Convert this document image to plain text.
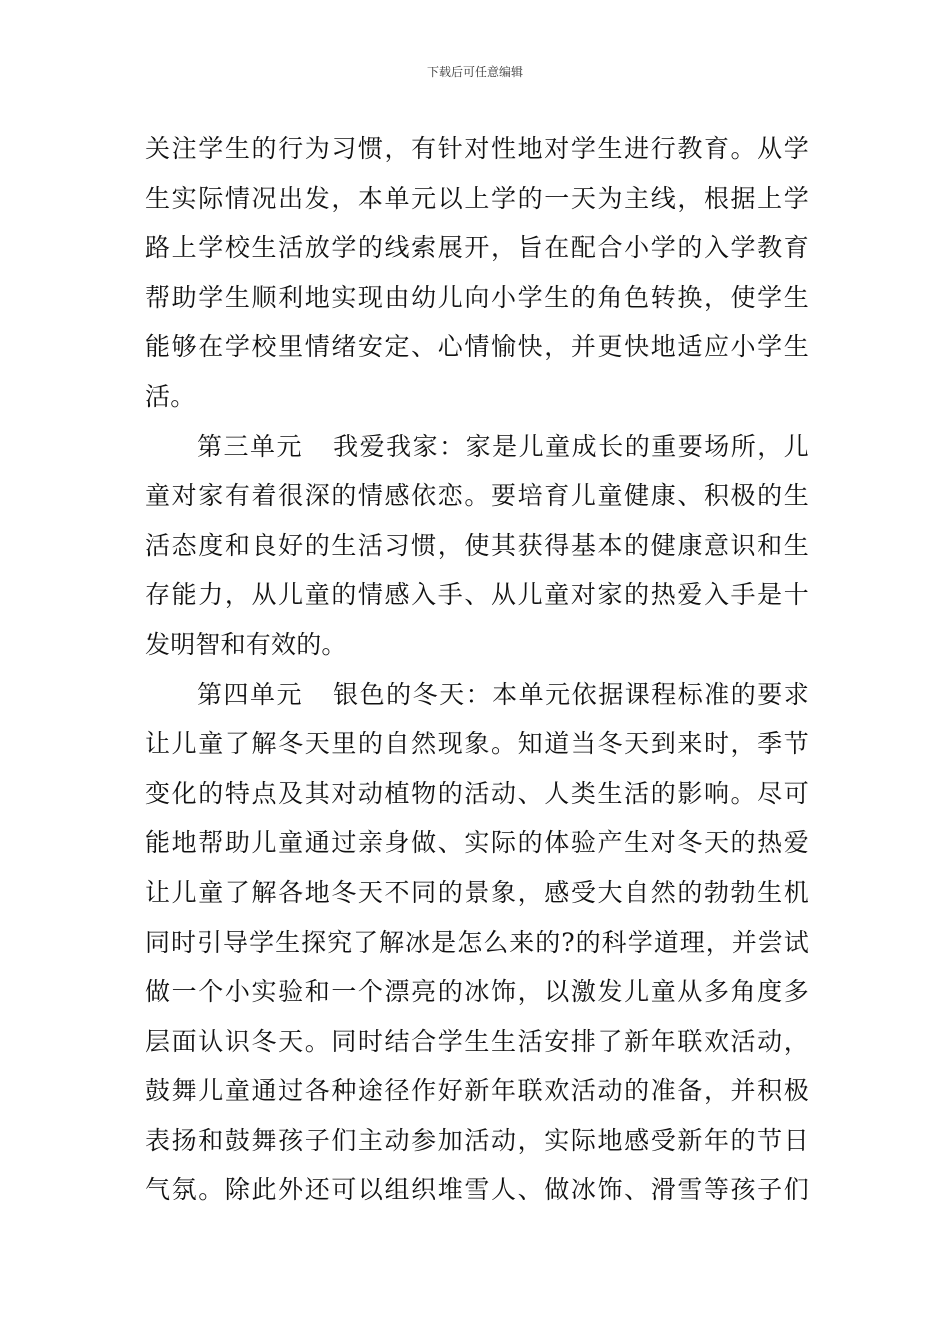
下载后可任意编辑
关注学生的行为习惯，有针对性地对学生进行教育。从学
生实际情况出发，本单元以上学的一天为主线，根据上学
路上学校生活放学的线索展开，旨在配合小学的入学教育
帮助学生顺利地实现由幼儿向小学生的角色转换，使学生
能够在学校里情绪安定、心情愉快，并更快地适应小学生
活。
第三单元 我爱我家：家是儿童成长的重要场所，儿
童对家有着很深的情感依恋。要培育儿童健康、积极的生
活态度和良好的生活习惯，使其获得基本的健康意识和生
存能力，从儿童的情感入手、从儿童对家的热爱入手是十
发明智和有效的。
第四单元 银色的冬天：本单元依据课程标准的要求
让儿童了解冬天里的自然现象。知道当冬天到来时，季节
变化的特点及其对动植物的活动、人类生活的影响。尽可
能地帮助儿童通过亲身做、实际的体验产生对冬天的热爱
让儿童了解各地冬天不同的景象，感受大自然的勃勃生机
同时引导学生探究了解冰是怎么来的?的科学道理，并尝试
做一个小实验和一个漂亮的冰饰，以激发儿童从多角度多
层面认识冬天。同时结合学生生活安排了新年联欢活动，
鼓舞儿童通过各种途径作好新年联欢活动的准备，并积极
表扬和鼓舞孩子们主动参加活动，实际地感受新年的节日
气氛。除此外还可以组织堆雪人、做冰饰、滑雪等孩子们
